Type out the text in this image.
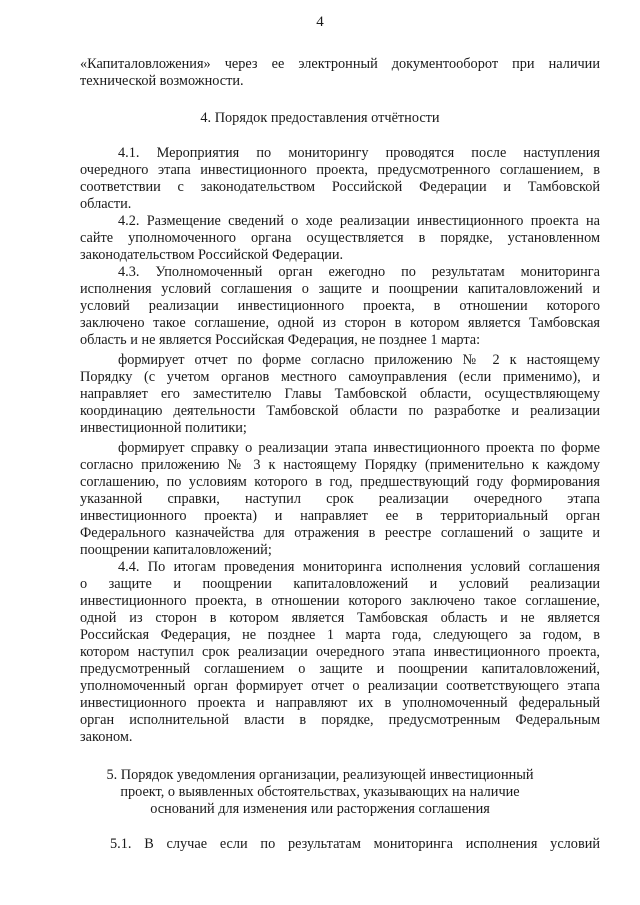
4

«Капиталовложения» через ее электронный документооборот при наличии

технической возможности.

4. Порядок предоставления отчётности

4.1. Мероприятия по мониторингу проводятся после наступления

очередного этапа инвестиционного проекта, предусмотренного соглашением, в

соответствии с законодательством Российской Федерации и Тамбовской

области.

4.2. Размещение сведений о ходе реализации инвестиционного проекта на

сайте уполномоченного органа осуществляется в порядке, установленном

законодательством Российской Федерации.

4.3. Уполномоченный орган ежегодно по результатам мониторинга

исполнения условий соглашения о защите и поощрении капиталовложений и

условий реализации инвестиционного проекта, в отношении которого

заключено такое соглашение, одной из сторон в котором является Тамбовская

область и не является Российская Федерация, не позднее 1 марта:

формирует отчет по форме согласно приложению № 2 к настоящему

Порядку (с учетом органов местного самоуправления (если применимо), и

направляет его заместителю Главы Тамбовской области, осуществляющему

координацию деятельности Тамбовской области по разработке и реализации

инвестиционной политики;

формирует справку о реализации этапа инвестиционного проекта по форме

согласно приложению № 3 к настоящему Порядку (применительно к каждому

соглашению, по условиям которого в год, предшествующий году формирования

указанной справки, наступил срок реализации очередного этапа

инвестиционного проекта) и направляет ее в территориальный орган

Федерального казначейства для отражения в реестре соглашений о защите и

поощрении капиталовложений;

4.4. По итогам проведения мониторинга исполнения условий соглашения

о защите и поощрении капиталовложений и условий реализации

инвестиционного проекта, в отношении которого заключено такое соглашение,

одной из сторон в котором является Тамбовская область и не является

Российская Федерация, не позднее 1 марта года, следующего за годом, в

котором наступил срок реализации очередного этапа инвестиционного проекта,

предусмотренный соглашением о защите и поощрении капиталовложений,

уполномоченный орган формирует отчет о реализации соответствующего этапа

инвестиционного проекта и направляют их в уполномоченный федеральный

орган исполнительной власти в порядке, предусмотренным Федеральным

законом.

5. Порядок уведомления организации, реализующей инвестиционный

проект, о выявленных обстоятельствах, указывающих на наличие

оснований для изменения или расторжения соглашения

5.1. В случае если по результатам мониторинга исполнения условий
